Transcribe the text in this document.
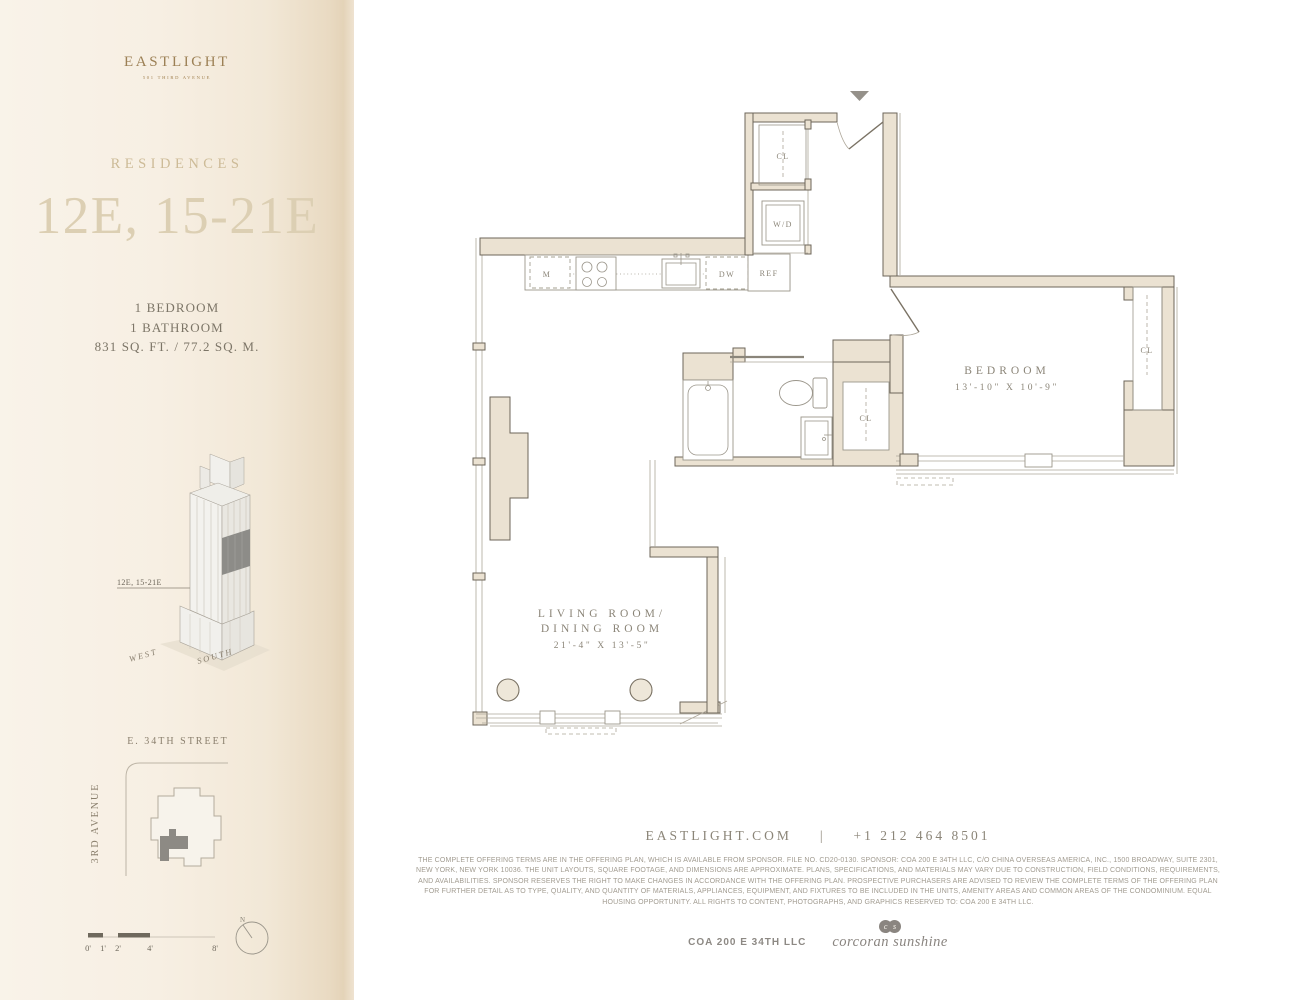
EASTLIGHT
501 THIRD AVENUE
RESIDENCES
12E, 15-21E
1 BEDROOM
1 BATHROOM
831 SQ. FT. / 77.2 SQ. M.
12E, 15-21E
WEST	SOUTH
E. 34TH STREET
3RD AVENUE
0' 1' 2'	4'	8'
N
M	DW	REF
CL
W/D
CL
CL
BEDROOM
13'-10" X 10'-9"
LIVING ROOM/
DINING ROOM
21'-4" X 13'-5"
EASTLIGHT.COM | +1 212 464 8501
THE COMPLETE OFFERING TERMS ARE IN THE OFFERING PLAN, WHICH IS AVAILABLE FROM SPONSOR. FILE NO. CD20-0130. SPONSOR: COA 200 E 34TH LLC, C/O CHINA OVERSEAS AMERICA, INC., 1500 BROADWAY, SUITE 2301,
NEW YORK, NEW YORK 10036. THE UNIT LAYOUTS, SQUARE FOOTAGE, AND DIMENSIONS ARE APPROXIMATE. PLANS, SPECIFICATIONS, AND MATERIALS MAY VARY DUE TO CONSTRUCTION, FIELD CONDITIONS, REQUIREMENTS,
AND AVAILABILITIES. SPONSOR RESERVES THE RIGHT TO MAKE CHANGES IN ACCORDANCE WITH THE OFFERING PLAN. PROSPECTIVE PURCHASERS ARE ADVISED TO REVIEW THE COMPLETE TERMS OF THE OFFERING PLAN
FOR FURTHER DETAIL AS TO TYPE, QUALITY, AND QUANTITY OF MATERIALS, APPLIANCES, EQUIPMENT, AND FIXTURES TO BE INCLUDED IN THE UNITS, AMENITY AREAS AND COMMON AREAS OF THE CONDOMINIUM. EQUAL
HOUSING OPPORTUNITY. ALL RIGHTS TO CONTENT, PHOTOGRAPHS, AND GRAPHICS RESERVED TO: COA 200 E 34TH LLC.
COA 200 E 34TH LLC
c s
corcoran sunshine
